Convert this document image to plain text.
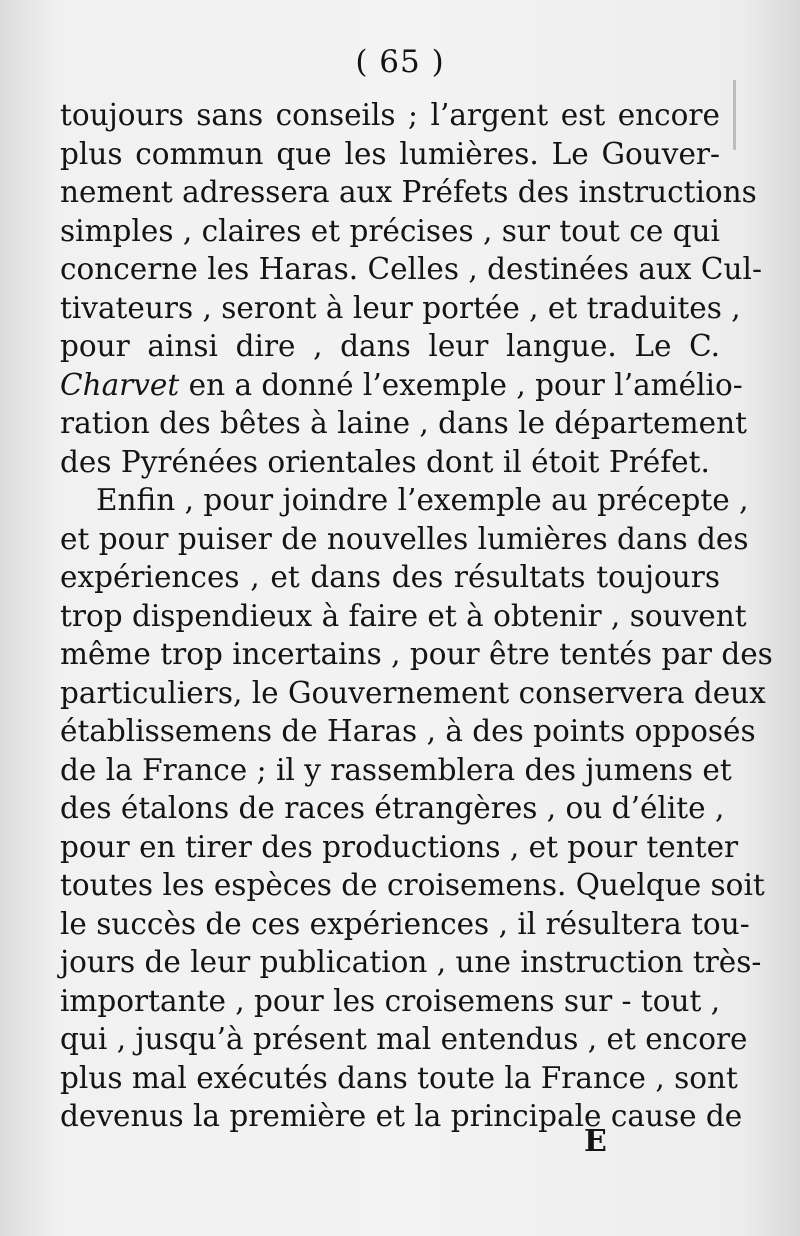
( 65 )
toujours sans conseils ; l’argent est encore
plus commun que les lumières. Le Gouver-
nement adressera aux Préfets des instructions
simples , claires et précises , sur tout ce qui
concerne les Haras. Celles , destinées aux Cul-
tivateurs , seront à leur portée , et traduites ,
pour ainsi dire , dans leur langue. Le C.
Charvet en a donné l’exemple , pour l’amélio-
ration des bêtes à laine , dans le département
des Pyrénées orientales dont il étoit Préfet.
Enfin , pour joindre l’exemple au précepte ,
et pour puiser de nouvelles lumières dans des
expériences , et dans des résultats toujours
trop dispendieux à faire et à obtenir , souvent
même trop incertains , pour être tentés par des
particuliers, le Gouvernement conservera deux
établissemens de Haras , à des points opposés
de la France ; il y rassemblera des jumens et
des étalons de races étrangères , ou d’élite ,
pour en tirer des productions , et pour tenter
toutes les espèces de croisemens. Quelque soit
le succès de ces expériences , il résultera tou-
jours de leur publication , une instruction très-
importante , pour les croisemens sur - tout ,
qui , jusqu’à présent mal entendus , et encore
plus mal exécutés dans toute la France , sont
devenus la première et la principale cause de
E
